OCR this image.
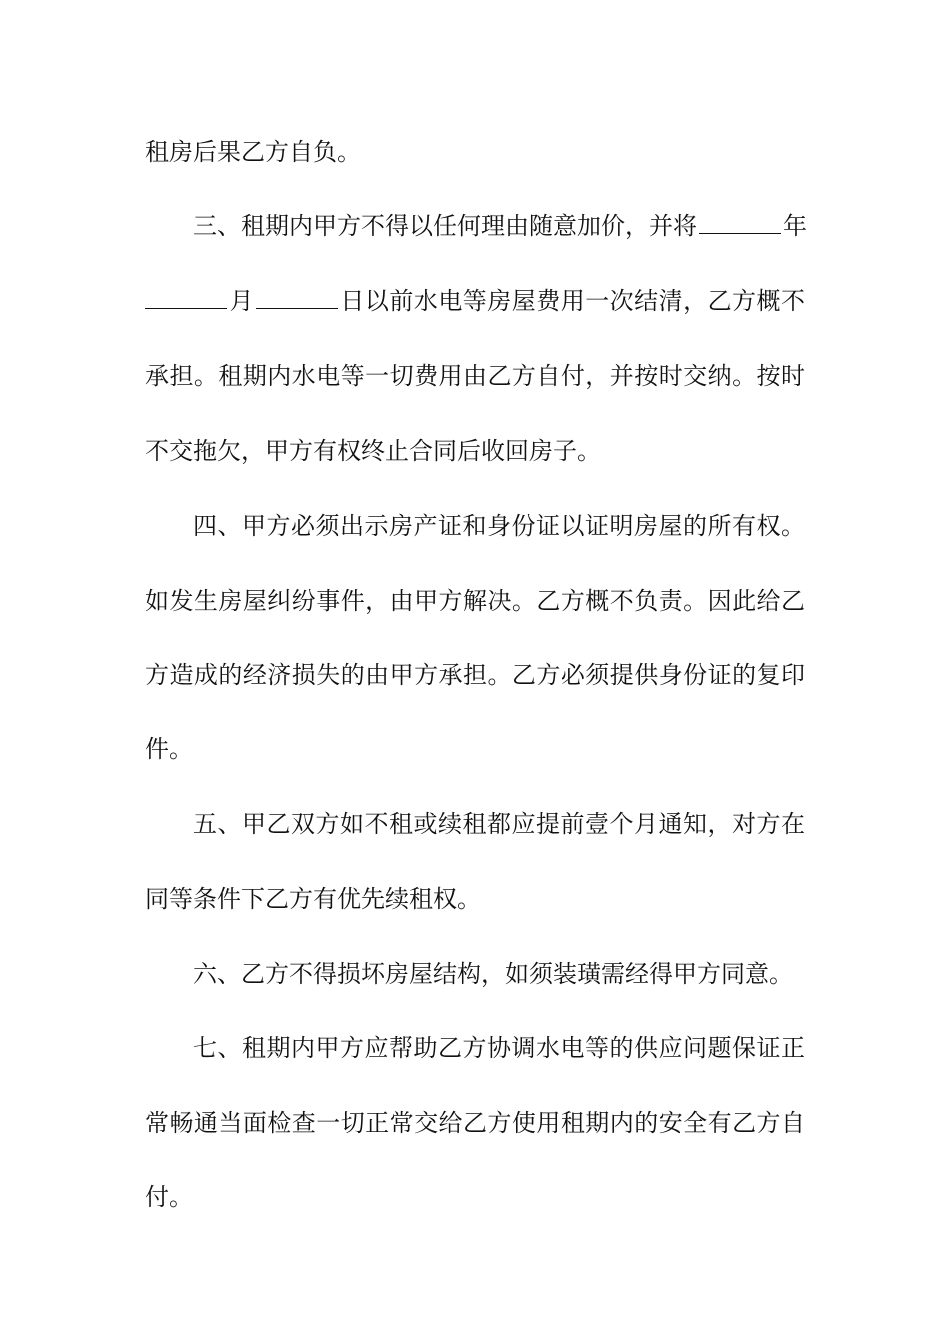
租房后果乙方自负。

三、租期内甲方不得以任何理由随意加价，并将	年

月	日以前水电等房屋费用一次结清，乙方概不

承担。租期内水电等一切费用由乙方自付，并按时交纳。按时

不交拖欠，甲方有权终止合同后收回房子。

四、甲方必须出示房产证和身份证以证明房屋的所有权。

如发生房屋纠纷事件，由甲方解决。乙方概不负责。因此给乙

方造成的经济损失的由甲方承担。乙方必须提供身份证的复印

件。

五、甲乙双方如不租或续租都应提前壹个月通知，对方在

同等条件下乙方有优先续租权。

六、乙方不得损坏房屋结构，如须装璜需经得甲方同意。

七、租期内甲方应帮助乙方协调水电等的供应问题保证正

常畅通当面检查一切正常交给乙方使用租期内的安全有乙方自

付。
